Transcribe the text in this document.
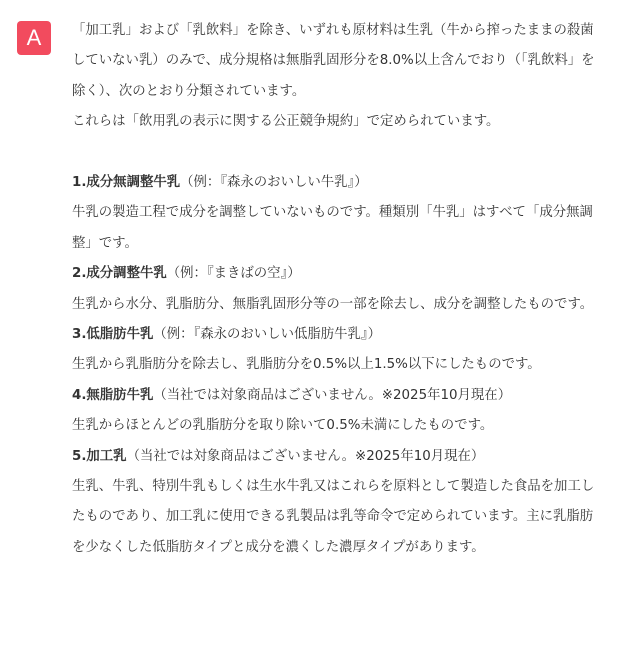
A	「加工乳」および「乳飲料」を除き、いずれも原材料は生乳（牛から搾ったままの殺菌していない乳）のみで、成分規格は無脂乳固形分を8.0%以上含んでおり（「乳飲料」を除く）、次のとおり分類されています。

これらは「飲用乳の表示に関する公正競争規約」で定められています。

1.成分無調整牛乳（例：『森永のおいしい牛乳』）

牛乳の製造工程で成分を調整していないものです。種類別「牛乳」はすべて「成分無調整」です。

2.成分調整牛乳（例：『まきばの空』）

生乳から水分、乳脂肪分、無脂乳固形分等の一部を除去し、成分を調整したものです。

3.低脂肪牛乳（例：『森永のおいしい低脂肪牛乳』）

生乳から乳脂肪分を除去し、乳脂肪分を0.5%以上1.5%以下にしたものです。

4.無脂肪牛乳（当社では対象商品はございません。※2025年10月現在）

生乳からほとんどの乳脂肪分を取り除いて0.5%未満にしたものです。

5.加工乳（当社では対象商品はございません。※2025年10月現在）

生乳、牛乳、特別牛乳もしくは生水牛乳又はこれらを原料として製造した食品を加工したものであり、加工乳に使用できる乳製品は乳等命令で定められています。主に乳脂肪を少なくした低脂肪タイプと成分を濃くした濃厚タイプがあります。
